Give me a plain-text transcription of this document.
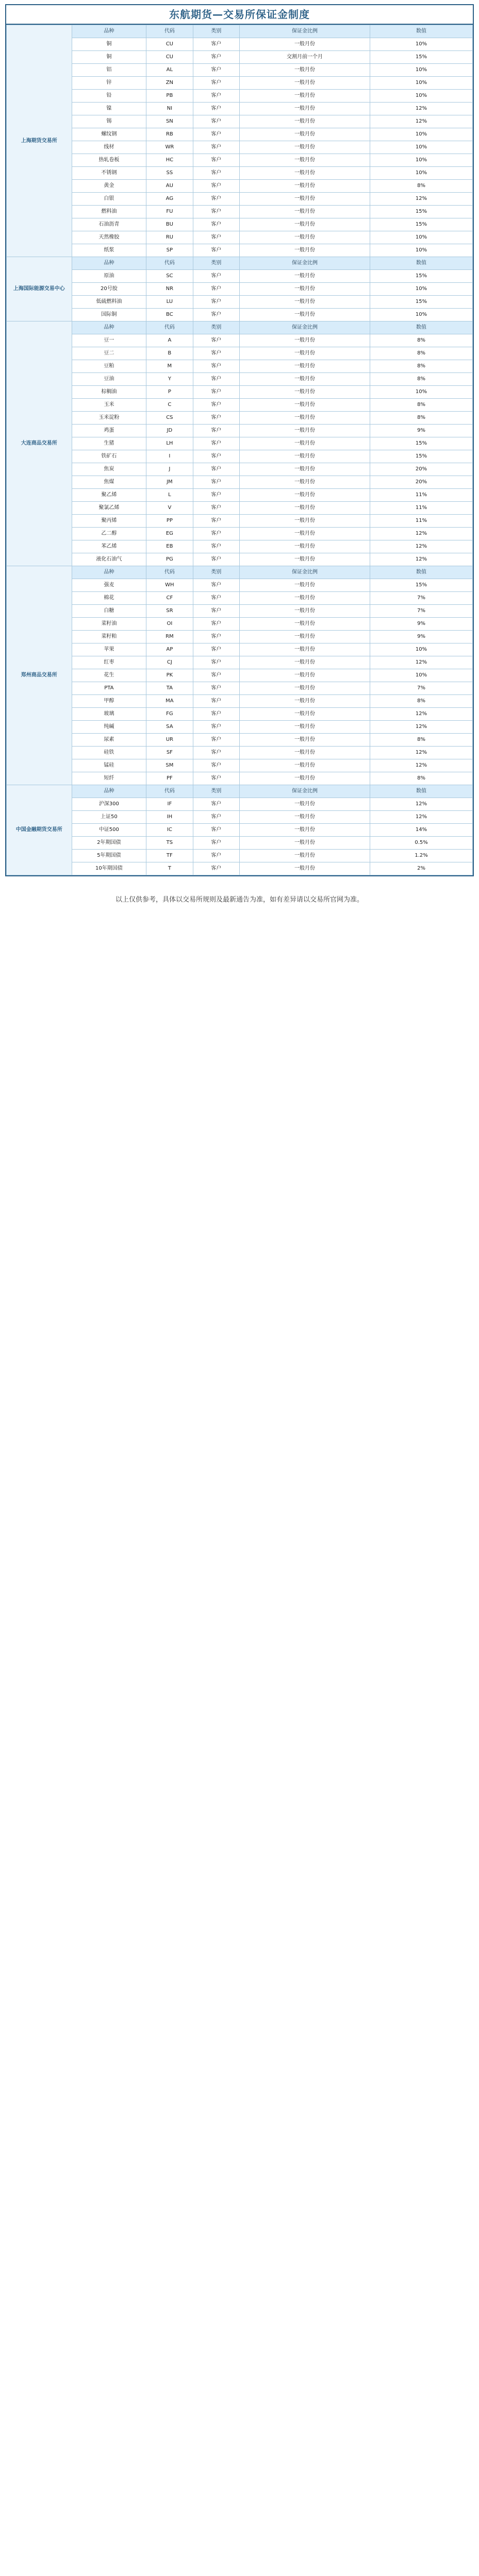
东航期货—交易所保证金制度
上海期货交易所	品种	代码	类别	保证金比例	数值
	铜	CU	客户	一般月份	10%
	铜	CU	客户	交割月前一个月	15%
	铝	AL	客户	一般月份	10%
	锌	ZN	客户	一般月份	10%
	铅	PB	客户	一般月份	10%
	镍	NI	客户	一般月份	12%
	锡	SN	客户	一般月份	12%
	螺纹钢	RB	客户	一般月份	10%
	线材	WR	客户	一般月份	10%
	热轧卷板	HC	客户	一般月份	10%
	不锈钢	SS	客户	一般月份	10%
	黄金	AU	客户	一般月份	8%
	白银	AG	客户	一般月份	12%
	燃料油	FU	客户	一般月份	15%
	石油沥青	BU	客户	一般月份	15%
	天然橡胶	RU	客户	一般月份	10%
	纸浆	SP	客户	一般月份	10%
上海国际能源交易中心	品种	代码	类别	保证金比例	数值
	原油	SC	客户	一般月份	15%
	20号胶	NR	客户	一般月份	10%
	低硫燃料油	LU	客户	一般月份	15%
	国际铜	BC	客户	一般月份	10%
大连商品交易所	品种	代码	类别	保证金比例	数值
	豆一	A	客户	一般月份	8%
	豆二	B	客户	一般月份	8%
	豆粕	M	客户	一般月份	8%
	豆油	Y	客户	一般月份	8%
	棕榈油	P	客户	一般月份	10%
	玉米	C	客户	一般月份	8%
	玉米淀粉	CS	客户	一般月份	8%
	鸡蛋	JD	客户	一般月份	9%
	生猪	LH	客户	一般月份	15%
	铁矿石	I	客户	一般月份	15%
	焦炭	J	客户	一般月份	20%
	焦煤	JM	客户	一般月份	20%
	聚乙烯	L	客户	一般月份	11%
	聚氯乙烯	V	客户	一般月份	11%
	聚丙烯	PP	客户	一般月份	11%
	乙二醇	EG	客户	一般月份	12%
	苯乙烯	EB	客户	一般月份	12%
	液化石油气	PG	客户	一般月份	12%
郑州商品交易所	品种	代码	类别	保证金比例	数值
	强麦	WH	客户	一般月份	15%
	棉花	CF	客户	一般月份	7%
	白糖	SR	客户	一般月份	7%
	菜籽油	OI	客户	一般月份	9%
	菜籽粕	RM	客户	一般月份	9%
	苹果	AP	客户	一般月份	10%
	红枣	CJ	客户	一般月份	12%
	花生	PK	客户	一般月份	10%
	PTA	TA	客户	一般月份	7%
	甲醇	MA	客户	一般月份	8%
	玻璃	FG	客户	一般月份	12%
	纯碱	SA	客户	一般月份	12%
	尿素	UR	客户	一般月份	8%
	硅铁	SF	客户	一般月份	12%
	锰硅	SM	客户	一般月份	12%
	短纤	PF	客户	一般月份	8%
中国金融期货交易所	品种	代码	类别	保证金比例	数值
	沪深300	IF	客户	一般月份	12%
	上证50	IH	客户	一般月份	12%
	中证500	IC	客户	一般月份	14%
	2年期国债	TS	客户	一般月份	0.5%
	5年期国债	TF	客户	一般月份	1.2%
	10年期国债	T	客户	一般月份	2%
以上仅供参考，具体以交易所规则及最新通告为准，如有差异请以交易所官网为准。
